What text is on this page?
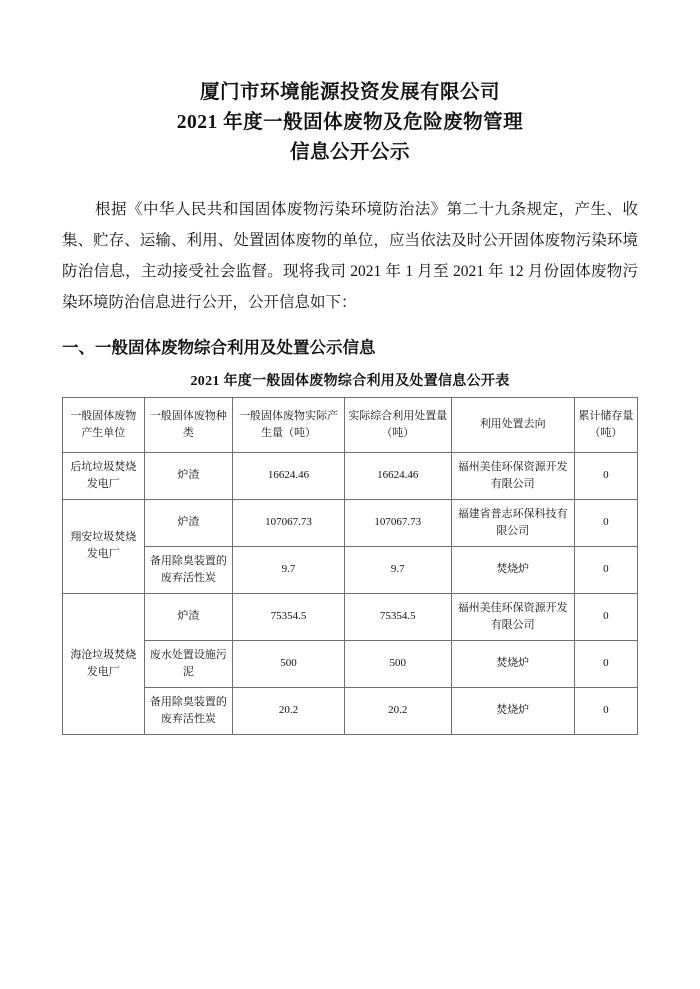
厦门市环境能源投资发展有限公司
2021 年度一般固体废物及危险废物管理
信息公开公示

根据《中华人民共和国固体废物污染环境防治法》第二十九条规定，产生、收集、贮存、运输、利用、处置固体废物的单位，应当依法及时公开固体废物污染环境防治信息，主动接受社会监督。现将我司 2021 年 1 月至 2021 年 12 月份固体废物污染环境防治信息进行公开，公开信息如下：

一、一般固体废物综合利用及处置公示信息
2021 年度一般固体废物综合利用及处置信息公开表
一般固体废物产生单位	一般固体废物种类	一般固体废物实际产生量（吨）	实际综合利用处置量（吨）	利用处置去向	累计储存量（吨）
后坑垃圾焚烧发电厂	炉渣	16624.46	16624.46	福州美佳环保资源开发有限公司	0
翔安垃圾焚烧发电厂	炉渣	107067.73	107067.73	福建省普志环保科技有限公司	0
	备用除臭装置的废弃活性炭	9.7	9.7	焚烧炉	0
海沧垃圾焚烧发电厂	炉渣	75354.5	75354.5	福州美佳环保资源开发有限公司	0
	废水处置设施污泥	500	500	焚烧炉	0
	备用除臭装置的废弃活性炭	20.2	20.2	焚烧炉	0
